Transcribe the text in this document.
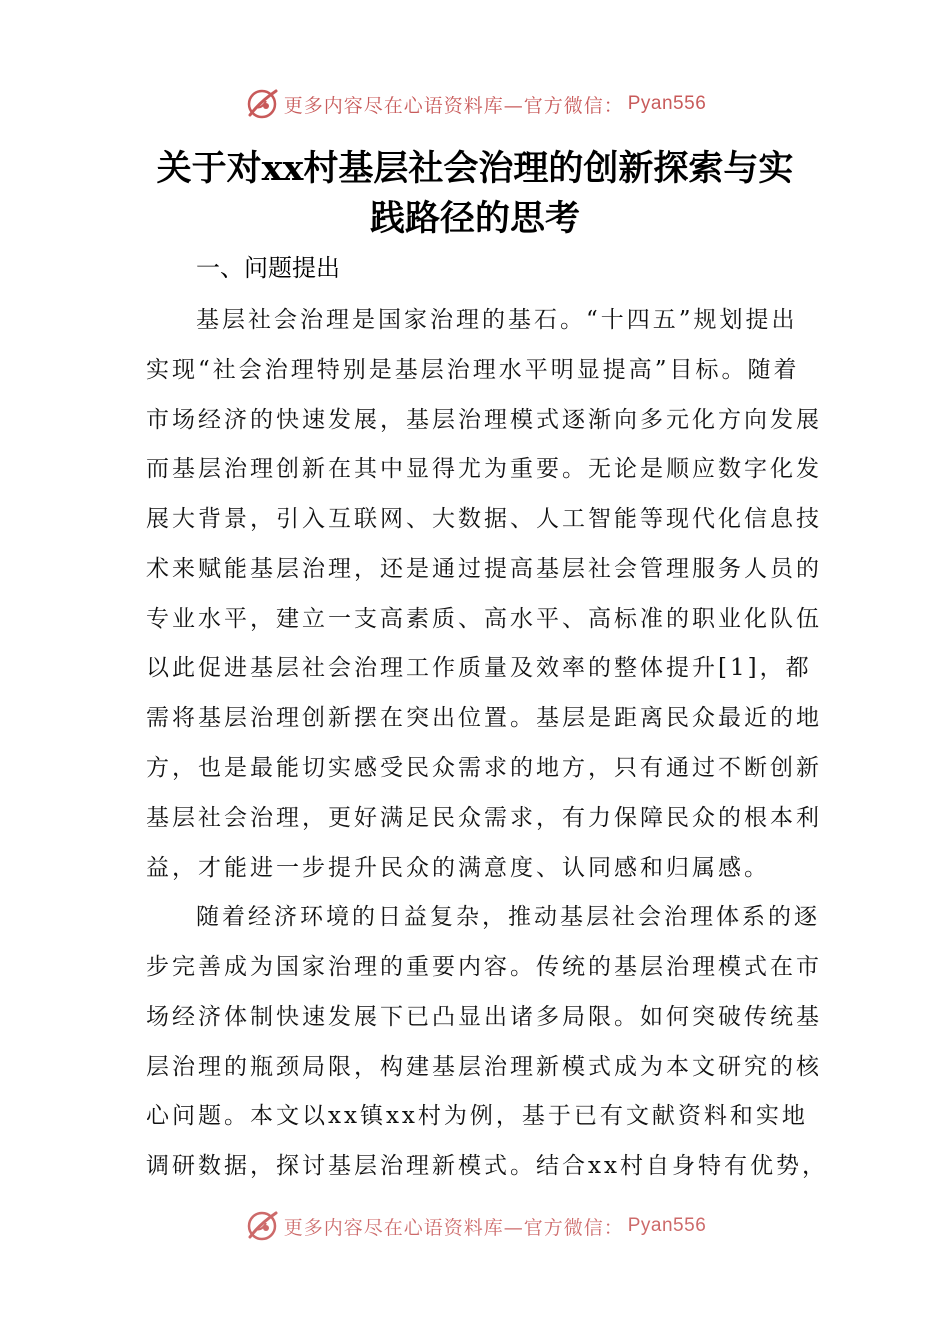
更多内容尽在心语资料库—官方微信： Pyan556
关于对xx村基层社会治理的创新探索与实
践路径的思考
一、问题提出
基层社会治理是国家治理的基石。“十四五”规划提出
实现“社会治理特别是基层治理水平明显提高”目标。随着
市场经济的快速发展，基层治理模式逐渐向多元化方向发展
而基层治理创新在其中显得尤为重要。无论是顺应数字化发
展大背景，引入互联网、大数据、人工智能等现代化信息技
术来赋能基层治理，还是通过提高基层社会管理服务人员的
专业水平，建立一支高素质、高水平、高标准的职业化队伍
以此促进基层社会治理工作质量及效率的整体提升[1]，都
需将基层治理创新摆在突出位置。基层是距离民众最近的地
方，也是最能切实感受民众需求的地方，只有通过不断创新
基层社会治理，更好满足民众需求，有力保障民众的根本利
益，才能进一步提升民众的满意度、认同感和归属感。
随着经济环境的日益复杂，推动基层社会治理体系的逐
步完善成为国家治理的重要内容。传统的基层治理模式在市
场经济体制快速发展下已凸显出诸多局限。如何突破传统基
层治理的瓶颈局限，构建基层治理新模式成为本文研究的核
心问题。本文以xx镇xx村为例，基于已有文献资料和实地
调研数据，探讨基层治理新模式。结合xx村自身特有优势，
更多内容尽在心语资料库—官方微信： Pyan556
